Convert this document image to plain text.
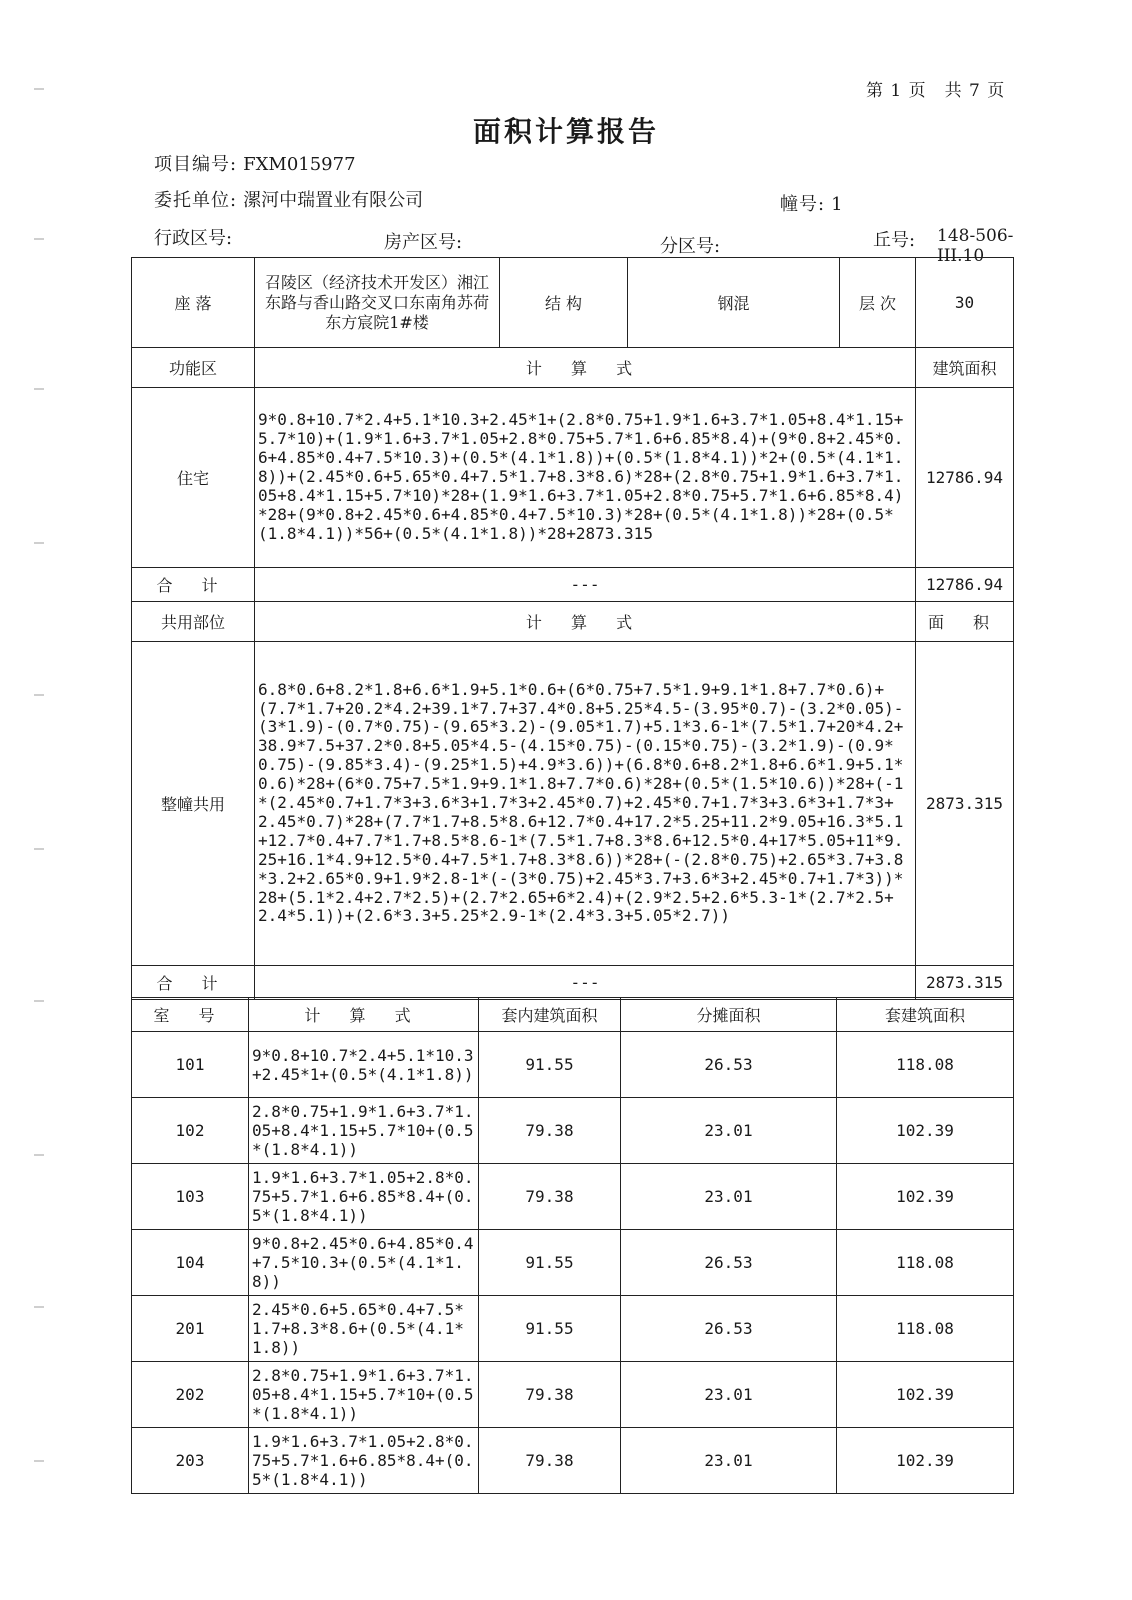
第 1 页　共 7 页
面积计算报告
项目编号: FXM015977
委托单位: 漯河中瑞置业有限公司	幢号: 1
行政区号:	房产区号:	分区号:	丘号: 148-506-III.10
座 落	召陵区（经济技术开发区）湘江东路与香山路交叉口东南角苏荷东方宸院1#楼	结 构	钢混	层 次	30
功能区	计 算 式				建筑面积
住宅	9*0.8+10.7*2.4+5.1*10.3+2.45*1+(2.8*0.75+1.9*1.6+3.7*1.05+8.4*1.15+5.7*10)+(1.9*1.6+3.7*1.05+2.8*0.75+5.7*1.6+6.85*8.4)+(9*0.8+2.45*0.6+4.85*0.4+7.5*10.3)+(0.5*(4.1*1.8))+(0.5*(1.8*4.1))*2+(0.5*(4.1*1.8))+(2.45*0.6+5.65*0.4+7.5*1.7+8.3*8.6)*28+(2.8*0.75+1.9*1.6+3.7*1.05+8.4*1.15+5.7*10)*28+(1.9*1.6+3.7*1.05+2.8*0.75+5.7*1.6+6.85*8.4)*28+(9*0.8+2.45*0.6+4.85*0.4+7.5*10.3)*28+(0.5*(4.1*1.8))*28+(0.5*(1.8*4.1))*56+(0.5*(4.1*1.8))*28+2873.315				12786.94
合 计	---				12786.94
共用部位	计 算 式				面 积
整幢共用	6.8*0.6+8.2*1.8+6.6*1.9+5.1*0.6+(6*0.75+7.5*1.9+9.1*1.8+7.7*0.6)+(7.7*1.7+20.2*4.2+39.1*7.7+37.4*0.8+5.25*4.5-(3.95*0.7)-(3.2*0.05)-(3*1.9)-(0.7*0.75)-(9.65*3.2)-(9.05*1.7)+5.1*3.6-1*(7.5*1.7+20*4.2+38.9*7.5+37.2*0.8+5.05*4.5-(4.15*0.75)-(0.15*0.75)-(3.2*1.9)-(0.9*0.75)-(9.85*3.4)-(9.25*1.5)+4.9*3.6))+(6.8*0.6+8.2*1.8+6.6*1.9+5.1*0.6)*28+(6*0.75+7.5*1.9+9.1*1.8+7.7*0.6)*28+(0.5*(1.5*10.6))*28+(-1*(2.45*0.7+1.7*3+3.6*3+1.7*3+2.45*0.7)+2.45*0.7+1.7*3+3.6*3+1.7*3+2.45*0.7)*28+(7.7*1.7+8.5*8.6+12.7*0.4+17.2*5.25+11.2*9.05+16.3*5.1+12.7*0.4+7.7*1.7+8.5*8.6-1*(7.5*1.7+8.3*8.6+12.5*0.4+17*5.05+11*9.25+16.1*4.9+12.5*0.4+7.5*1.7+8.3*8.6))*28+(-(2.8*0.75)+2.65*3.7+3.8*3.2+2.65*0.9+1.9*2.8-1*(-(3*0.75)+2.45*3.7+3.6*3+2.45*0.7+1.7*3))*28+(5.1*2.4+2.7*2.5)+(2.7*2.65+6*2.4)+(2.9*2.5+2.6*5.3-1*(2.7*2.5+2.4*5.1))+(2.6*3.3+5.25*2.9-1*(2.4*3.3+5.05*2.7))				2873.315
合 计	---				2873.315
室 号	计 算 式	套内建筑面积	分摊面积	套建筑面积
101	9*0.8+10.7*2.4+5.1*10.3+2.45*1+(0.5*(4.1*1.8))	91.55	26.53	118.08
102	2.8*0.75+1.9*1.6+3.7*1.05+8.4*1.15+5.7*10+(0.5*(1.8*4.1))	79.38	23.01	102.39
103	1.9*1.6+3.7*1.05+2.8*0.75+5.7*1.6+6.85*8.4+(0.5*(1.8*4.1))	79.38	23.01	102.39
104	9*0.8+2.45*0.6+4.85*0.4+7.5*10.3+(0.5*(4.1*1.8))	91.55	26.53	118.08
201	2.45*0.6+5.65*0.4+7.5*1.7+8.3*8.6+(0.5*(4.1*1.8))	91.55	26.53	118.08
202	2.8*0.75+1.9*1.6+3.7*1.05+8.4*1.15+5.7*10+(0.5*(1.8*4.1))	79.38	23.01	102.39
203	1.9*1.6+3.7*1.05+2.8*0.75+5.7*1.6+6.85*8.4+(0.5*(1.8*4.1))	79.38	23.01	102.39
